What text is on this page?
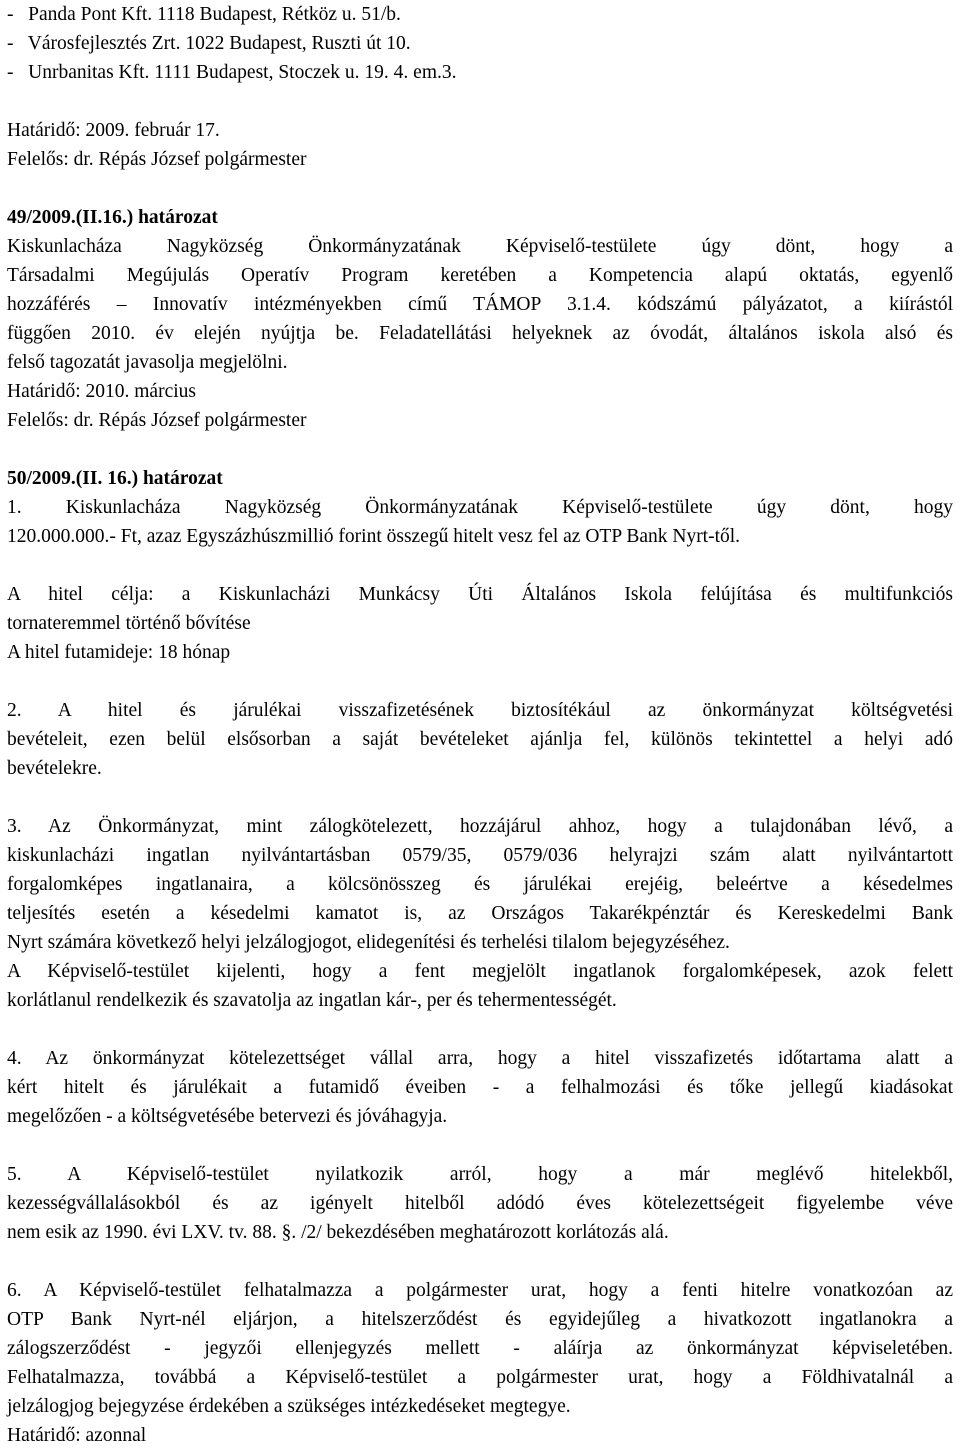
-   Panda Pont Kft. 1118 Budapest, Rétköz u. 51/b.
-   Városfejlesztés Zrt. 1022 Budapest, Ruszti út 10.
-   Unrbanitas Kft. 1111 Budapest, Stoczek u. 19. 4. em.3.
Határidő: 2009. február 17.
Felelős: dr. Répás József polgármester
49/2009.(II.16.) határozat
Kiskunlacháza Nagyközség Önkormányzatának Képviselő-testülete úgy dönt, hogy a
Társadalmi Megújulás Operatív Program keretében a Kompetencia alapú oktatás, egyenlő
hozzáférés – Innovatív intézményekben című TÁMOP 3.1.4. kódszámú pályázatot, a kiírástól
függően 2010. év elején nyújtja be. Feladatellátási helyeknek az óvodát, általános iskola alsó és
felső tagozatát javasolja megjelölni.
Határidő: 2010. március
Felelős: dr. Répás József polgármester
50/2009.(II. 16.) határozat
1. Kiskunlacháza Nagyközség Önkormányzatának Képviselő-testülete úgy dönt, hogy
120.000.000.- Ft, azaz Egyszázhúszmillió forint összegű hitelt vesz fel az OTP Bank Nyrt-től.
A hitel célja: a Kiskunlacházi Munkácsy Úti Általános Iskola felújítása és multifunkciós
tornateremmel történő bővítése
A hitel futamideje: 18 hónap
2. A hitel és járulékai visszafizetésének biztosítékául az önkormányzat költségvetési
bevételeit, ezen belül elsősorban a saját bevételeket ajánlja fel, különös tekintettel a helyi adó
bevételekre.
3. Az Önkormányzat, mint zálogkötelezett, hozzájárul ahhoz, hogy a tulajdonában lévő, a
kiskunlacházi ingatlan nyilvántartásban 0579/35, 0579/036 helyrajzi szám alatt nyilvántartott
forgalomképes ingatlanaira, a kölcsönösszeg és járulékai erejéig, beleértve a késedelmes
teljesítés esetén a késedelmi kamatot is, az Országos Takarékpénztár és Kereskedelmi Bank
Nyrt számára következő helyi jelzálogjogot, elidegenítési és terhelési tilalom bejegyzéséhez.
A Képviselő-testület kijelenti, hogy a fent megjelölt ingatlanok forgalomképesek, azok felett
korlátlanul rendelkezik és szavatolja az ingatlan kár-, per és tehermentességét.
4. Az önkormányzat kötelezettséget vállal arra, hogy a hitel visszafizetés időtartama alatt a
kért hitelt és járulékait a futamidő éveiben - a felhalmozási és tőke jellegű kiadásokat
megelőzően - a költségvetésébe betervezi és jóváhagyja.
5. A Képviselő-testület nyilatkozik arról, hogy a már meglévő hitelekből,
kezességvállalásokból és az igényelt hitelből adódó éves kötelezettségeit figyelembe véve
nem esik az 1990. évi LXV. tv. 88. §. /2/ bekezdésében meghatározott korlátozás alá.
6. A Képviselő-testület felhatalmazza a polgármester urat, hogy a fenti hitelre vonatkozóan az
OTP Bank Nyrt-nél eljárjon, a hitelszerződést és egyidejűleg a hivatkozott ingatlanokra a
zálogszerződést - jegyzői ellenjegyzés mellett - aláírja az önkormányzat képviseletében.
Felhatalmazza, továbbá a Képviselő-testület a polgármester urat, hogy a Földhivatalnál a
jelzálogjog bejegyzése érdekében a szükséges intézkedéseket megtegye.
Határidő: azonnal
